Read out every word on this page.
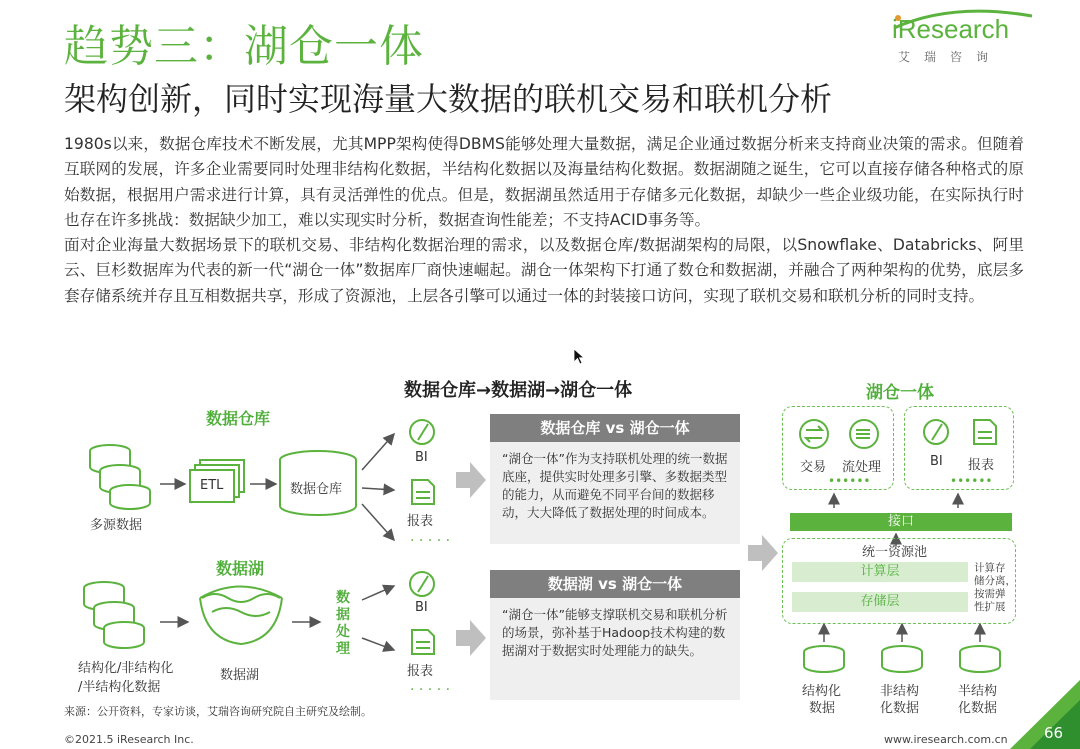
趋势三：湖仓一体
架构创新，同时实现海量大数据的联机交易和联机分析
iResearch
艾瑞咨询

1980s以来，数据仓库技术不断发展，尤其MPP架构使得DBMS能够处理大量数据，满足企业通过数据分析来支持商业决策的需求。但随着互联网的发展，许多企业需要同时处理非结构化数据，半结构化数据以及海量结构化数据。数据湖随之诞生，它可以直接存储各种格式的原始数据，根据用户需求进行计算，具有灵活弹性的优点。但是，数据湖虽然适用于存储多元化数据，却缺少一些企业级功能，在实际执行时也存在许多挑战：数据缺少加工，难以实现实时分析，数据查询性能差；不支持ACID事务等。

面对企业海量大数据场景下的联机交易、非结构化数据治理的需求，以及数据仓库/数据湖架构的局限，以Snowflake、Databricks、阿里云、巨杉数据库为代表的新一代“湖仓一体”数据库厂商快速崛起。湖仓一体架构下打通了数仓和数据湖，并融合了两种架构的优势，底层多套存储系统并存且互相数据共享，形成了资源池，上层各引擎可以通过一体的封装接口访问，实现了联机交易和联机分析的同时支持。

数据仓库→数据湖→湖仓一体	湖仓一体
· · · · ·
· · · · ·
••••••	••••••
数据仓库
多源数据
ETL	数据仓库
BI
报表
数据湖
结构化/非结构化
/半结构化数据
数据湖
数据处理
BI
报表
数据仓库 vs 湖仓一体
“湖仓一体”作为支持联机处理的统一数据底座，提供实时处理多引擎、多数据类型的能力，从而避免不同平台间的数据移动，大大降低了数据处理的时间成本。
数据湖 vs 湖仓一体
“湖仓一体”能够支撑联机交易和联机分析的场景，弥补基于Hadoop技术构建的数据湖对于数据实时处理能力的缺失。
交易 流处理	BI 报表
接口
统一资源池
计算层
存储层
计算存
储分离，
按需弹
性扩展
结构化
数据
非结构
化数据
半结构
化数据
来源：公开资料，专家访谈，艾瑞咨询研究院自主研究及绘制。
©2021.5 iResearch Inc.	www.iresearch.com.cn 66
